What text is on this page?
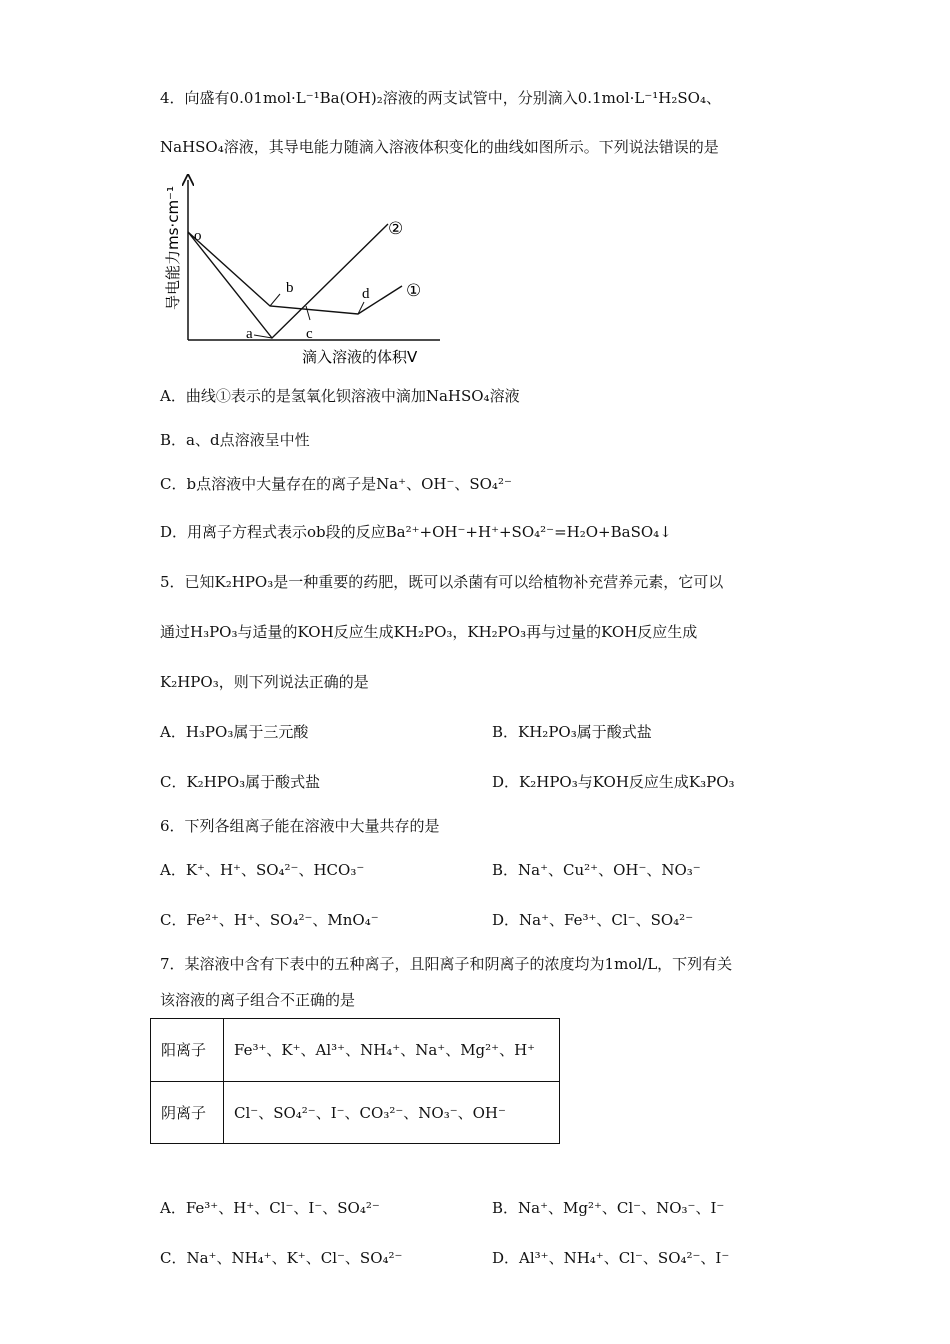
4．向盛有0.01mol·L⁻¹Ba(OH)₂溶液的两支试管中，分别滴入0.1mol·L⁻¹H₂SO₄、
NaHSO₄溶液，其导电能力随滴入溶液体积变化的曲线如图所示。下列说法错误的是
o
a
b
c
d
②
①
滴入溶液的体积V
导电能力ms·cm⁻¹
A．曲线①表示的是氢氧化钡溶液中滴加NaHSO₄溶液
B．a、d点溶液呈中性
C．b点溶液中大量存在的离子是Na⁺、OH⁻、SO₄²⁻
D．用离子方程式表示ob段的反应Ba²⁺+OH⁻+H⁺+SO₄²⁻=H₂O+BaSO₄↓
5．已知K₂HPO₃是一种重要的药肥，既可以杀菌有可以给植物补充营养元素，它可以
通过H₃PO₃与适量的KOH反应生成KH₂PO₃，KH₂PO₃再与过量的KOH反应生成
K₂HPO₃，则下列说法正确的是
A．H₃PO₃属于三元酸	B．KH₂PO₃属于酸式盐
C．K₂HPO₃属于酸式盐	D．K₂HPO₃与KOH反应生成K₃PO₃
6．下列各组离子能在溶液中大量共存的是
A．K⁺、H⁺、SO₄²⁻、HCO₃⁻	B．Na⁺、Cu²⁺、OH⁻、NO₃⁻
C．Fe²⁺、H⁺、SO₄²⁻、MnO₄⁻	D．Na⁺、Fe³⁺、Cl⁻、SO₄²⁻
7．某溶液中含有下表中的五种离子，且阳离子和阴离子的浓度均为1mol/L，下列有关
该溶液的离子组合不正确的是
阳离子	Fe³⁺、K⁺、Al³⁺、NH₄⁺、Na⁺、Mg²⁺、H⁺
阴离子	Cl⁻、SO₄²⁻、I⁻、CO₃²⁻、NO₃⁻、OH⁻
A．Fe³⁺、H⁺、Cl⁻、I⁻、SO₄²⁻	B．Na⁺、Mg²⁺、Cl⁻、NO₃⁻、I⁻
C．Na⁺、NH₄⁺、K⁺、Cl⁻、SO₄²⁻	D．Al³⁺、NH₄⁺、Cl⁻、SO₄²⁻、I⁻
